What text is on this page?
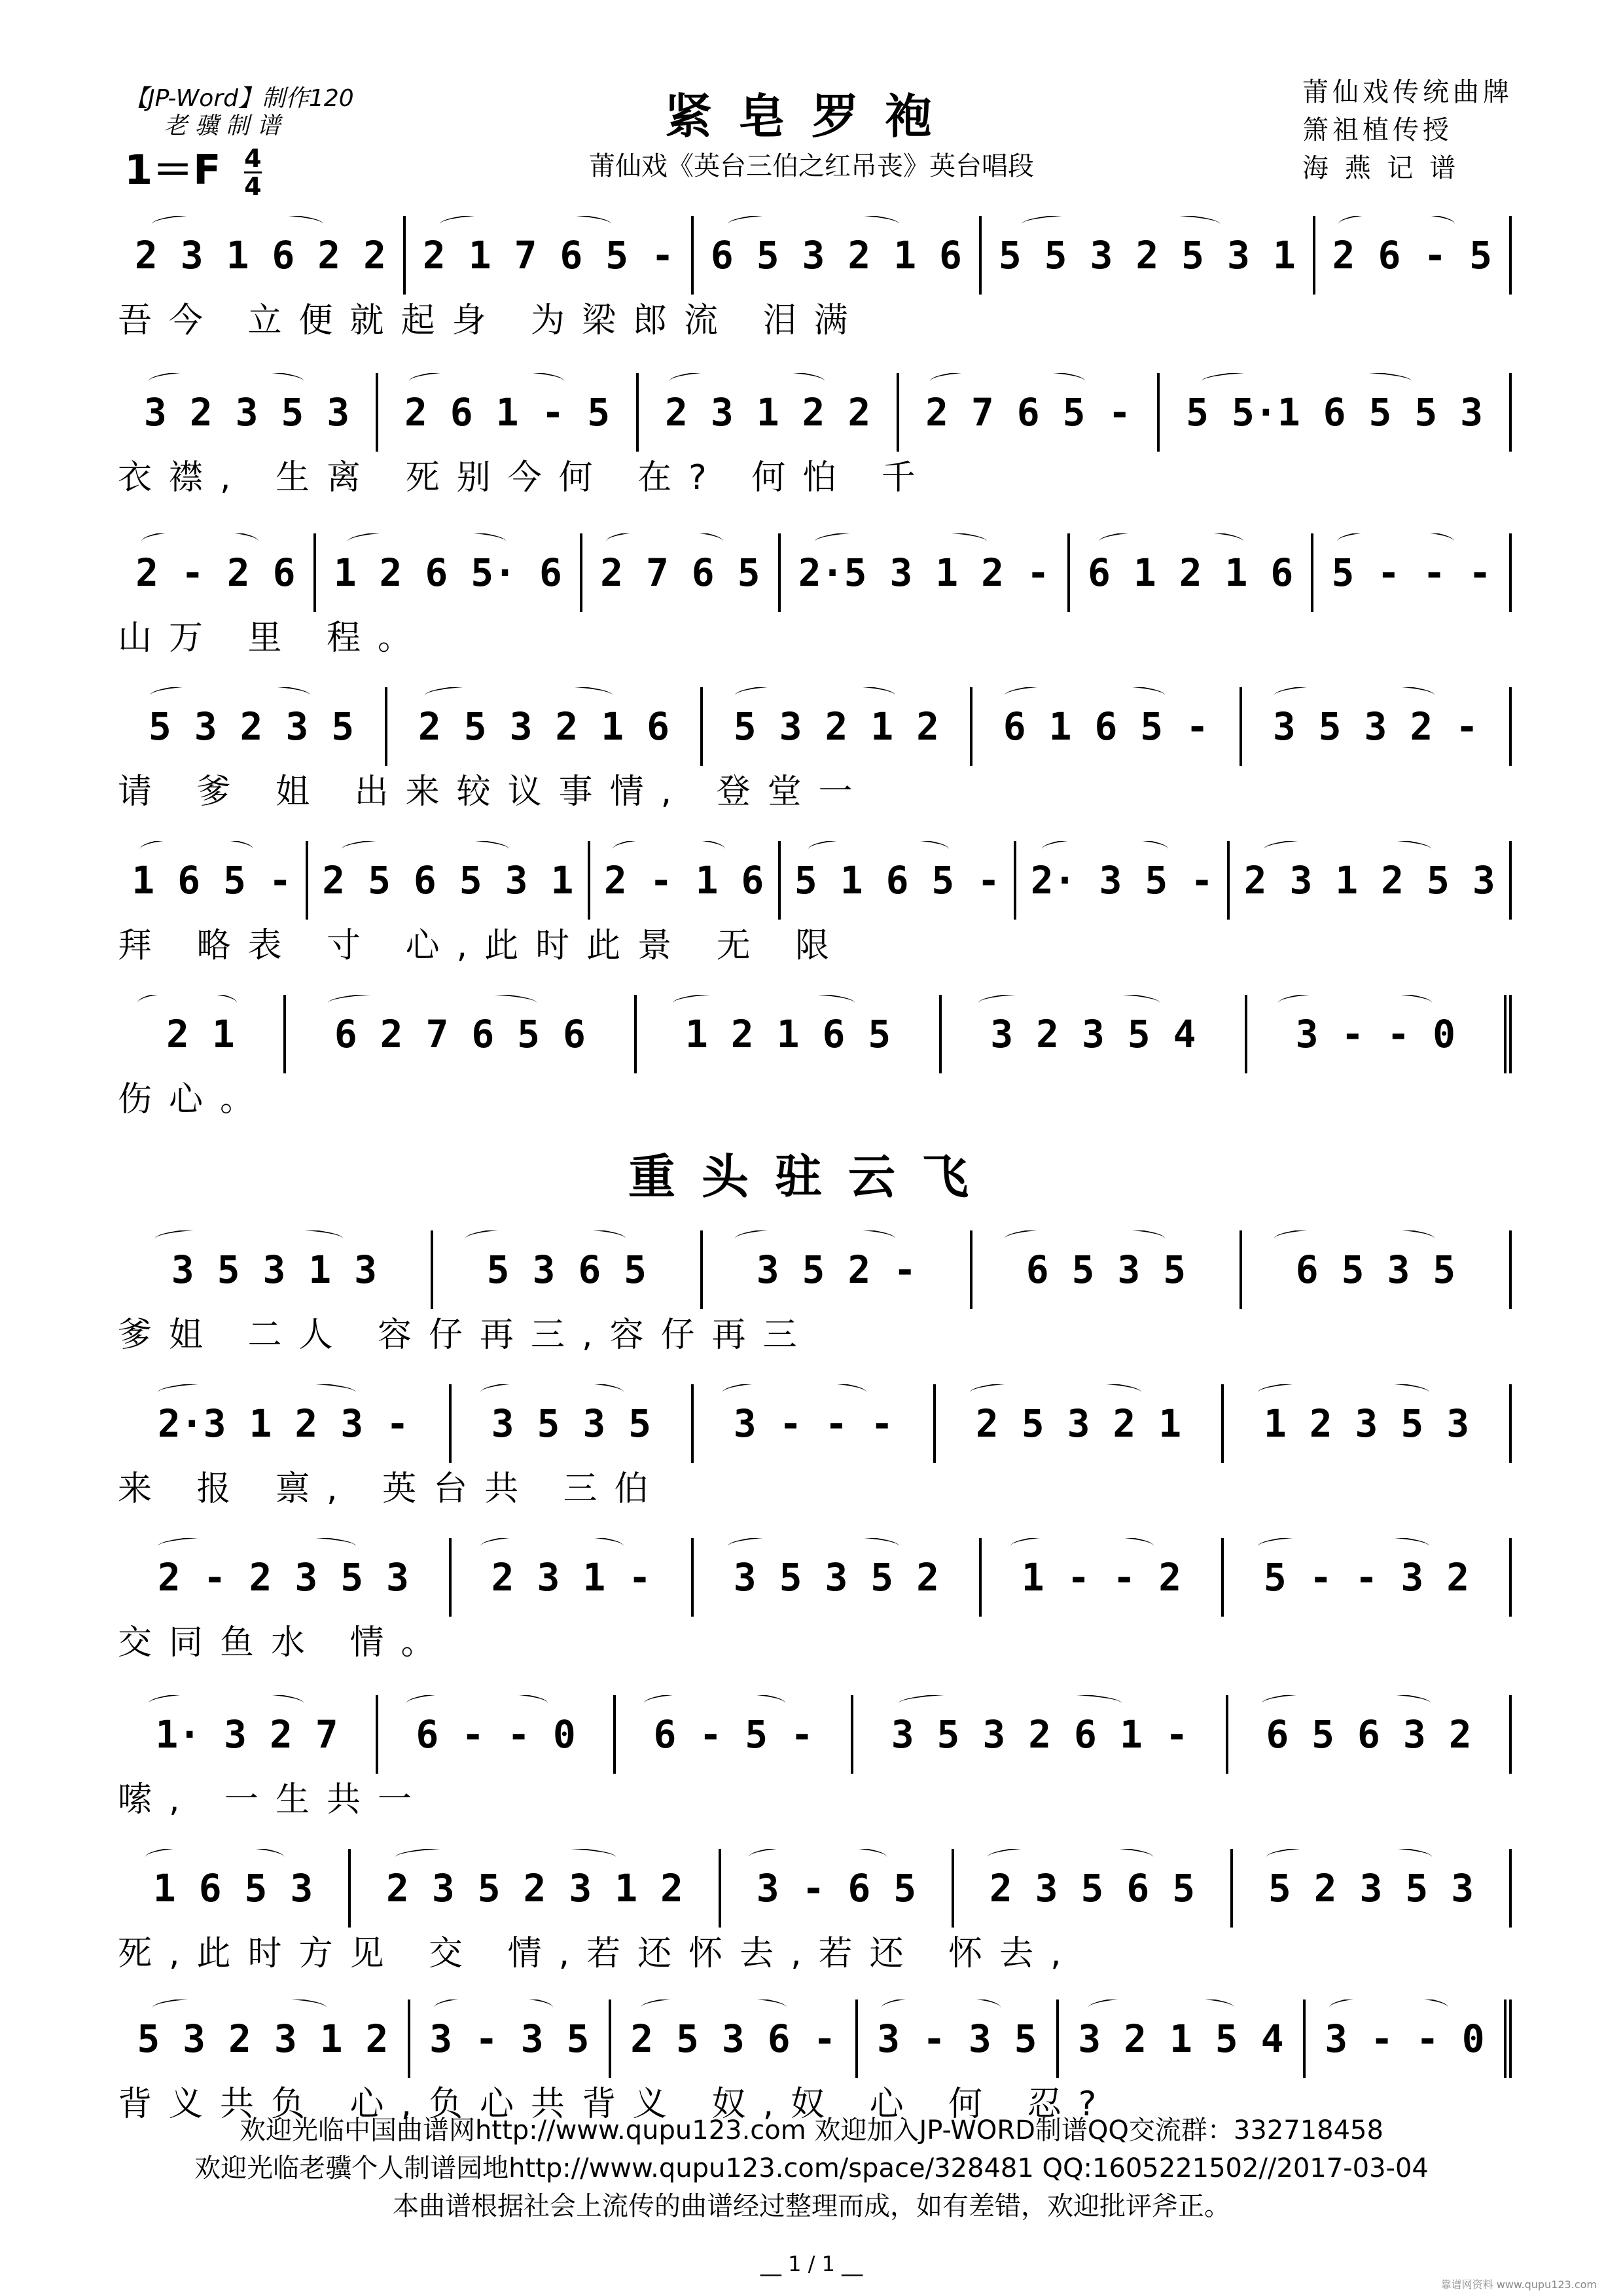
【JP-Word】制作120
老 骥 制 谱
$1=F \frac{4}{4}$
紧皂罗袍
莆仙戏《英台三伯之红吊丧》英台唱段
莆仙戏传统曲牌
箫祖植传授
海 燕 记 谱
重头驻云飞
2 3 1 6 2 2 2 1 7 6 5 - 6 5 3 2 1 6 5 5 3 2 5 3 1 2 6 - 5
吾今 立便就起身 为梁郎流 泪满
3 2 3 5 3	2 6 1 - 5	2 3 1 2 2	2 7 6 5 -	5 5·1 6 5 5 3
衣襟, 生离 死别今何 在? 何怕 千
2 - 2 6	1 2 6 5· 6	2 7 6 5	2·5 3 1 2 -	6 1 2 1 6	5 - - -
山万 里 程。
5 3 2 3 5	2 5 3 2 1 6	5 3 2 1 2	6 1 6 5 -	3 5 3 2 -
请 爹 姐 出来较议事情, 登堂一
1 6 5 - 2 5 6 5 3 1 2 - 1 6 5 1 6 5 - 2· 3 5 - 2 3 1 2 5 3
拜 略表 寸 心,此时此景 无 限
2 1	6 2 7 6 5 6	1 2 1 6 5	3 2 3 5 4	3 - - 0
伤心。
3 5 3 1 3	5 3 6 5	3 5 2 -	6 5 3 5	6 5 3 5
爹姐 二人 容仔再三,容仔再三
2·3 1 2 3 -	3 5 3 5	3 - - -	2 5 3 2 1	1 2 3 5 3
来 报 禀, 英台共 三伯
2 - 2 3 5 3	2 3 1 -	3 5 3 5 2	1 - - 2	5 - - 3 2
交同鱼水 情。
1· 3 2 7	6 - - 0	6 - 5 -	3 5 3 2 6 1 -	6 5 6 3 2
嗦, 一生共一
1 6 5 3	2 3 5 2 3 1 2	3 - 6 5	2 3 5 6 5	5 2 3 5 3
死,此时方见 交 情,若还怀去,若还 怀去,
5 3 2 3 1 2	3 - 3 5	2 5 3 6 -	3 - 3 5	3 2 1 5 4	3 - - 0
背义共负 心,负心共背义 奴,奴 心 何 忍?
欢迎光临中国曲谱网http://www.qupu123.com 欢迎加入JP-WORD制谱QQ交流群：332718458
欢迎光临老骥个人制谱园地http://www.qupu123.com/space/328481 QQ:1605221502//2017-03-04
本曲谱根据社会上流传的曲谱经过整理而成，如有差错，欢迎批评斧正。
__ 1 / 1 __
靠谱网资料 www.qupu123.com
